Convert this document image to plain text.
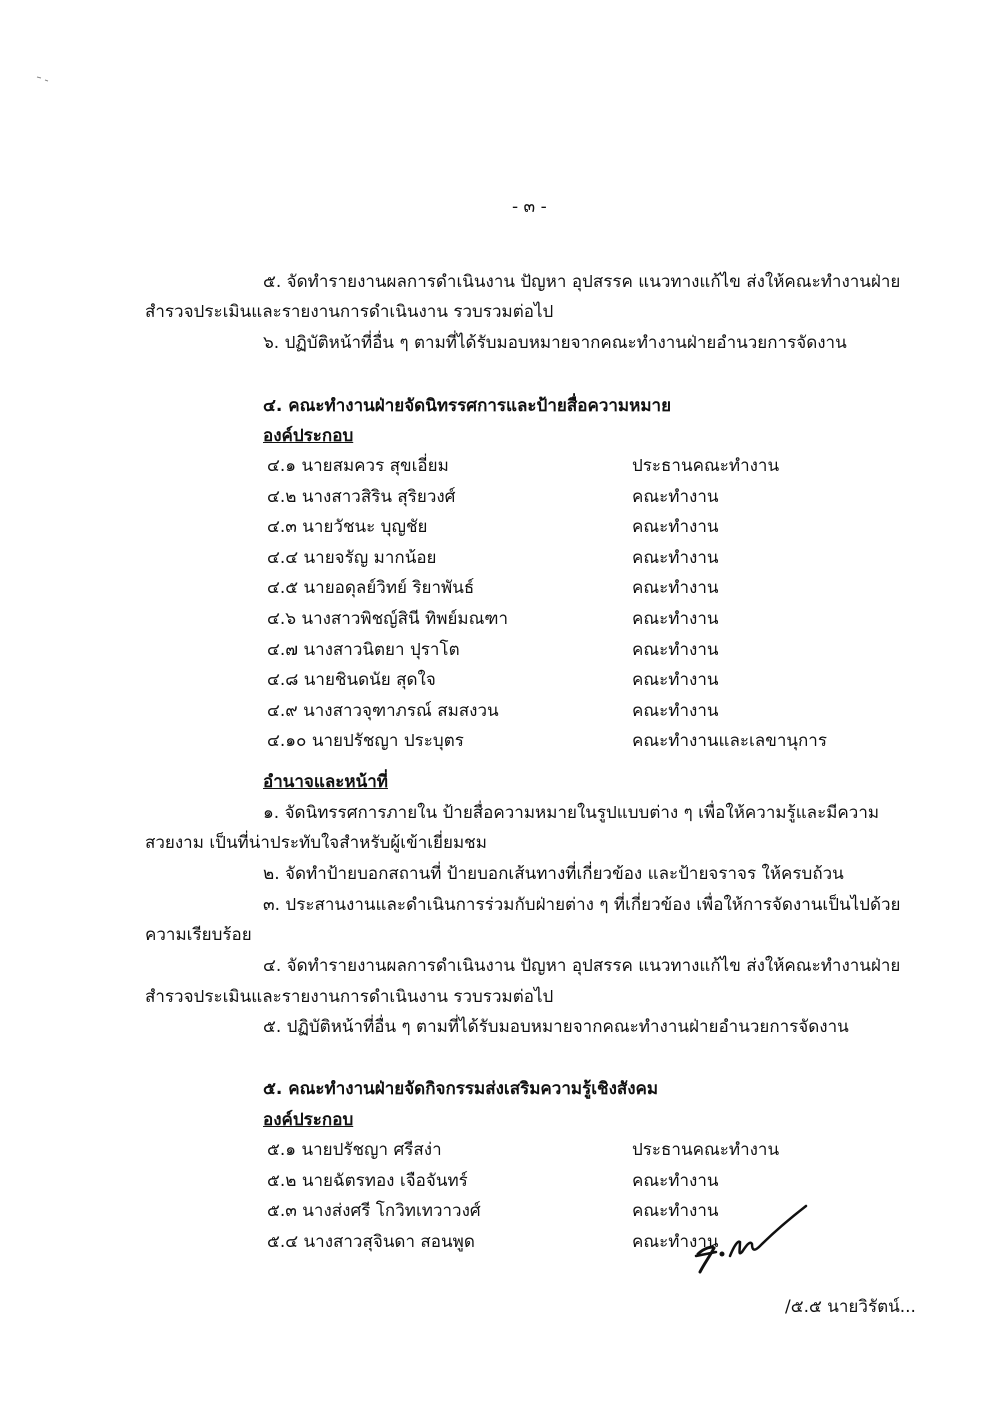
- ๓ -
๕. จัดทำรายงานผลการดำเนินงาน ปัญหา อุปสรรค แนวทางแก้ไข ส่งให้คณะทำงานฝ่าย
สำรวจประเมินและรายงานการดำเนินงาน รวบรวมต่อไป
๖. ปฏิบัติหน้าที่อื่น ๆ ตามที่ได้รับมอบหมายจากคณะทำงานฝ่ายอำนวยการจัดงาน
๔. คณะทำงานฝ่ายจัดนิทรรศการและป้ายสื่อความหมาย
องค์ประกอบ
๔.๑ นายสมควร สุขเอี่ยม	ประธานคณะทำงาน
๔.๒ นางสาวสิริน สุริยวงศ์	คณะทำงาน
๔.๓ นายวัชนะ บุญชัย	คณะทำงาน
๔.๔ นายจรัญ มากน้อย	คณะทำงาน
๔.๕ นายอดุลย์วิทย์ ริยาพันธ์	คณะทำงาน
๔.๖ นางสาวพิชญ์สินี ทิพย์มณฑา	คณะทำงาน
๔.๗ นางสาวนิตยา ปุราโต	คณะทำงาน
๔.๘ นายชินดนัย สุดใจ	คณะทำงาน
๔.๙ นางสาวจุฑาภรณ์ สมสงวน	คณะทำงาน
๔.๑๐ นายปรัชญา ประบุตร	คณะทำงานและเลขานุการ
อำนาจและหน้าที่
๑. จัดนิทรรศการภายใน ป้ายสื่อความหมายในรูปแบบต่าง ๆ เพื่อให้ความรู้และมีความ
สวยงาม เป็นที่น่าประทับใจสำหรับผู้เข้าเยี่ยมชม
๒. จัดทำป้ายบอกสถานที่ ป้ายบอกเส้นทางที่เกี่ยวข้อง และป้ายจราจร ให้ครบถ้วน
๓. ประสานงานและดำเนินการร่วมกับฝ่ายต่าง ๆ ที่เกี่ยวข้อง เพื่อให้การจัดงานเป็นไปด้วย
ความเรียบร้อย
๔. จัดทำรายงานผลการดำเนินงาน ปัญหา อุปสรรค แนวทางแก้ไข ส่งให้คณะทำงานฝ่าย
สำรวจประเมินและรายงานการดำเนินงาน รวบรวมต่อไป
๕. ปฏิบัติหน้าที่อื่น ๆ ตามที่ได้รับมอบหมายจากคณะทำงานฝ่ายอำนวยการจัดงาน
๕. คณะทำงานฝ่ายจัดกิจกรรมส่งเสริมความรู้เชิงสังคม
องค์ประกอบ
๕.๑ นายปรัชญา ศรีสง่า	ประธานคณะทำงาน
๕.๒ นายฉัตรทอง เจือจันทร์	คณะทำงาน
๕.๓ นางส่งศรี โกวิทเทวาวงศ์	คณะทำงาน
๕.๔ นางสาวสุจินดา สอนพูด	คณะทำงาน
/๕.๕ นายวิรัตน์...
